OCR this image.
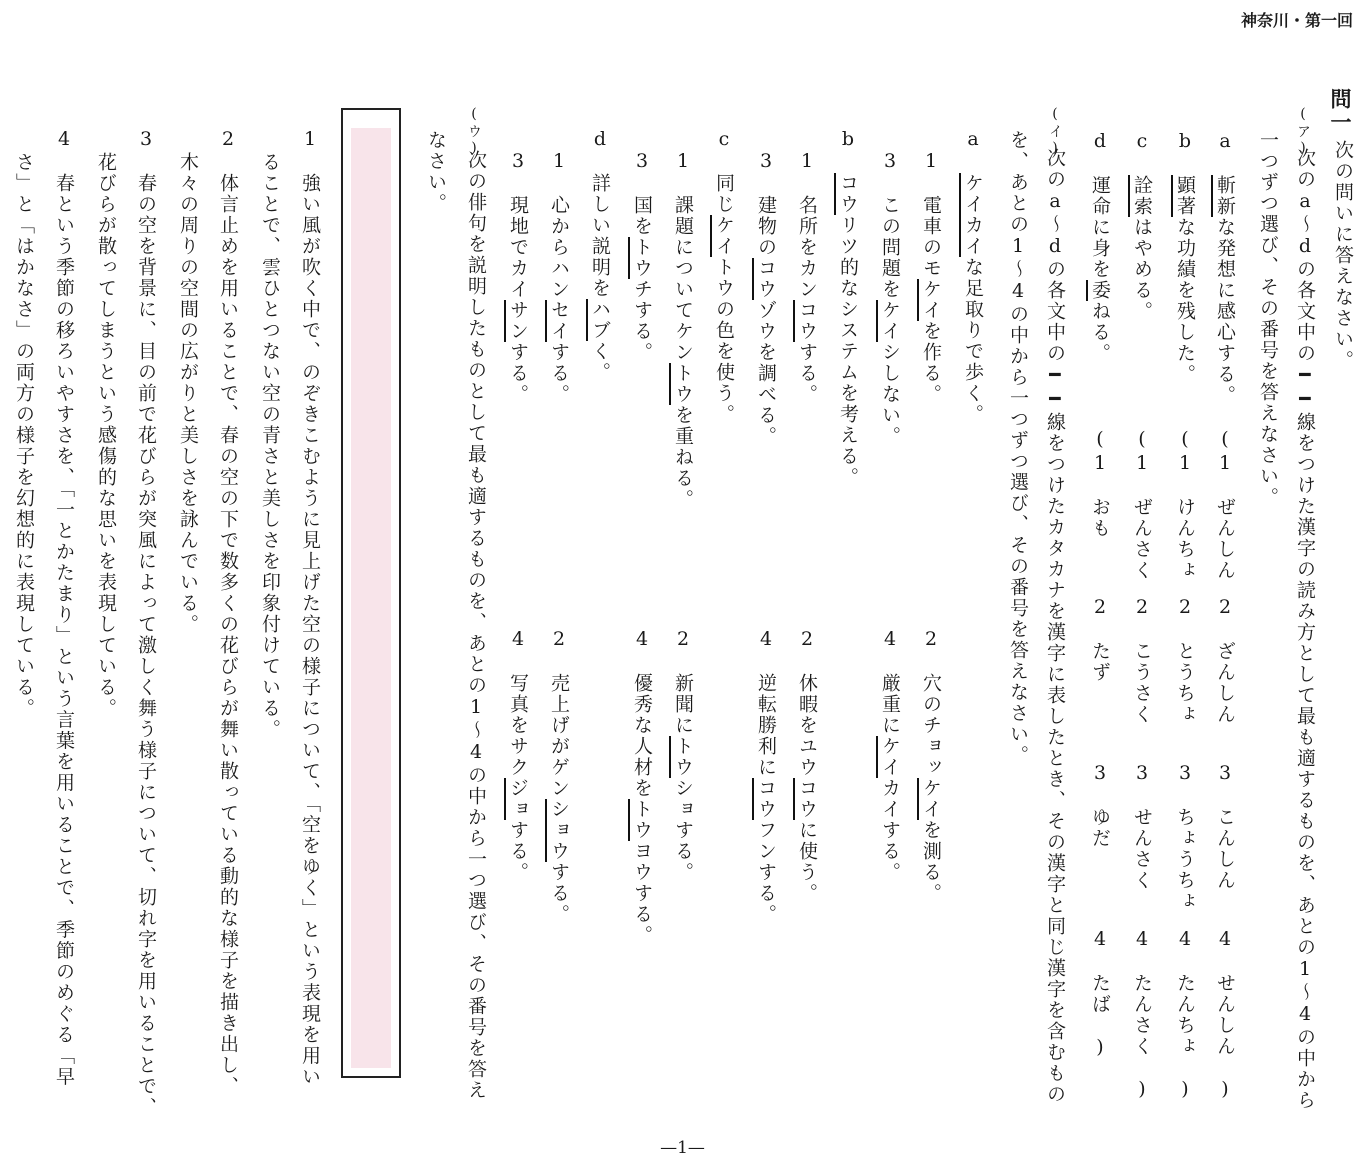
神奈川・第一回
問一
次の問いに答えなさい。
(ア)
次のa〜dの各文中の━━線をつけた漢字の読み方として最も適するものを、あとの1〜4の中から
一つずつ選び、その番号を答えなさい。
a　斬新な発想に感心する。
(1　ぜんしん
2　ざんしん
3　こんしん
4　せんしん　)
b　顕著な功績を残した。
(1　けんちょ
2　とうちょ
3　ちょうちょ
4　たんちょ　)
c　詮索はやめる。
(1　ぜんさく
2　こうさく
3　せんさく
4　たんさく　)
d　運命に身を委ねる。
(1　おも
2　たず
3　ゆだ
4　たば　)
(イ)
次のa〜dの各文中の━━線をつけたカタカナを漢字に表したとき、その漢字と同じ漢字を含むもの
を、あとの1〜4の中から一つずつ選び、その番号を答えなさい。
a　ケイカイな足取りで歩く。
1　電車のモケイを作る。
2　穴のチョッケイを測る。
3　この問題をケイシしない。
4　厳重にケイカイする。
b　コウリツ的なシステムを考える。
1　名所をカンコウする。
2　休暇をユウコウに使う。
3　建物のコウゾウを調べる。
4　逆転勝利にコウフンする。
c　同じケイトウの色を使う。
1　課題についてケントウを重ねる。
2　新聞にトウショする。
3　国をトウチする。
4　優秀な人材をトウヨウする。
d　詳しい説明をハブく。
1　心からハンセイする。
2　売上げがゲンショウする。
3　現地でカイサンする。
4　写真をサクジョする。
(ウ)
次の俳句を説明したものとして最も適するものを、あとの1〜4の中から一つ選び、その番号を答え
なさい。
1　強い風が吹く中で、のぞきこむように見上げた空の様子について、「空をゆく」という表現を用い
ることで、雲ひとつない空の青さと美しさを印象付けている。
2　体言止めを用いることで、春の空の下で数多くの花びらが舞い散っている動的な様子を描き出し、
木々の周りの空間の広がりと美しさを詠んでいる。
3　春の空を背景に、目の前で花びらが突風によって激しく舞う様子について、切れ字を用いることで、
花びらが散ってしまうという感傷的な思いを表現している。
4　春という季節の移ろいやすさを、「一とかたまり」という言葉を用いることで、季節のめぐる「早
さ」と「はかなさ」の両方の様子を幻想的に表現している。
—1—
